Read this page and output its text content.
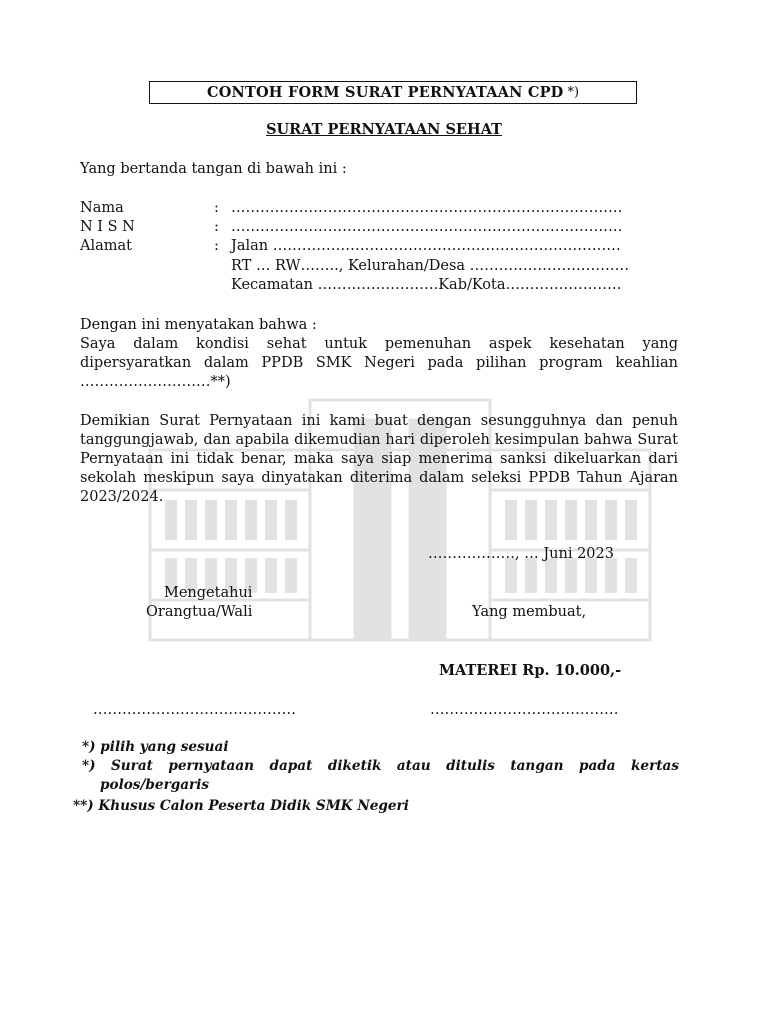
CONTOH FORM SURAT PERNYATAAN CPD *)
SURAT PERNYATAAN SEHAT
Yang bertanda tangan di bawah ini :
Nama	: ………………………………………………………………………
N I S N	: ………………………………………………………………………
Alamat	: Jalan ………………………………………………………………
RT … RW…….., Kelurahan/Desa ……………………………
Kecamatan …………………….Kab/Kota……………………
Dengan ini menyatakan bahwa :
Saya dalam kondisi sehat untuk pemenuhan aspek kesehatan yang dipersyaratkan dalam PPDB SMK Negeri pada pilihan program keahlian ………………………**)
Demikian Surat Pernyataan ini kami buat dengan sesungguhnya dan penuh tanggungjawab, dan apabila dikemudian hari diperoleh kesimpulan bahwa Surat Pernyataan ini tidak benar, maka saya siap menerima sanksi dikeluarkan dari sekolah meskipun saya dinyatakan diterima dalam seleksi PPDB Tahun Ajaran 2023/2024.
………………, … Juni 2023
Mengetahui
Orangtua/Wali	Yang membuat,
MATEREI Rp. 10.000,-
……………………………………	…………………………………
*) pilih yang sesuai
*) Surat pernyataan dapat diketik atau ditulis tangan pada kertas polos/bergaris
**) Khusus Calon Peserta Didik SMK Negeri
